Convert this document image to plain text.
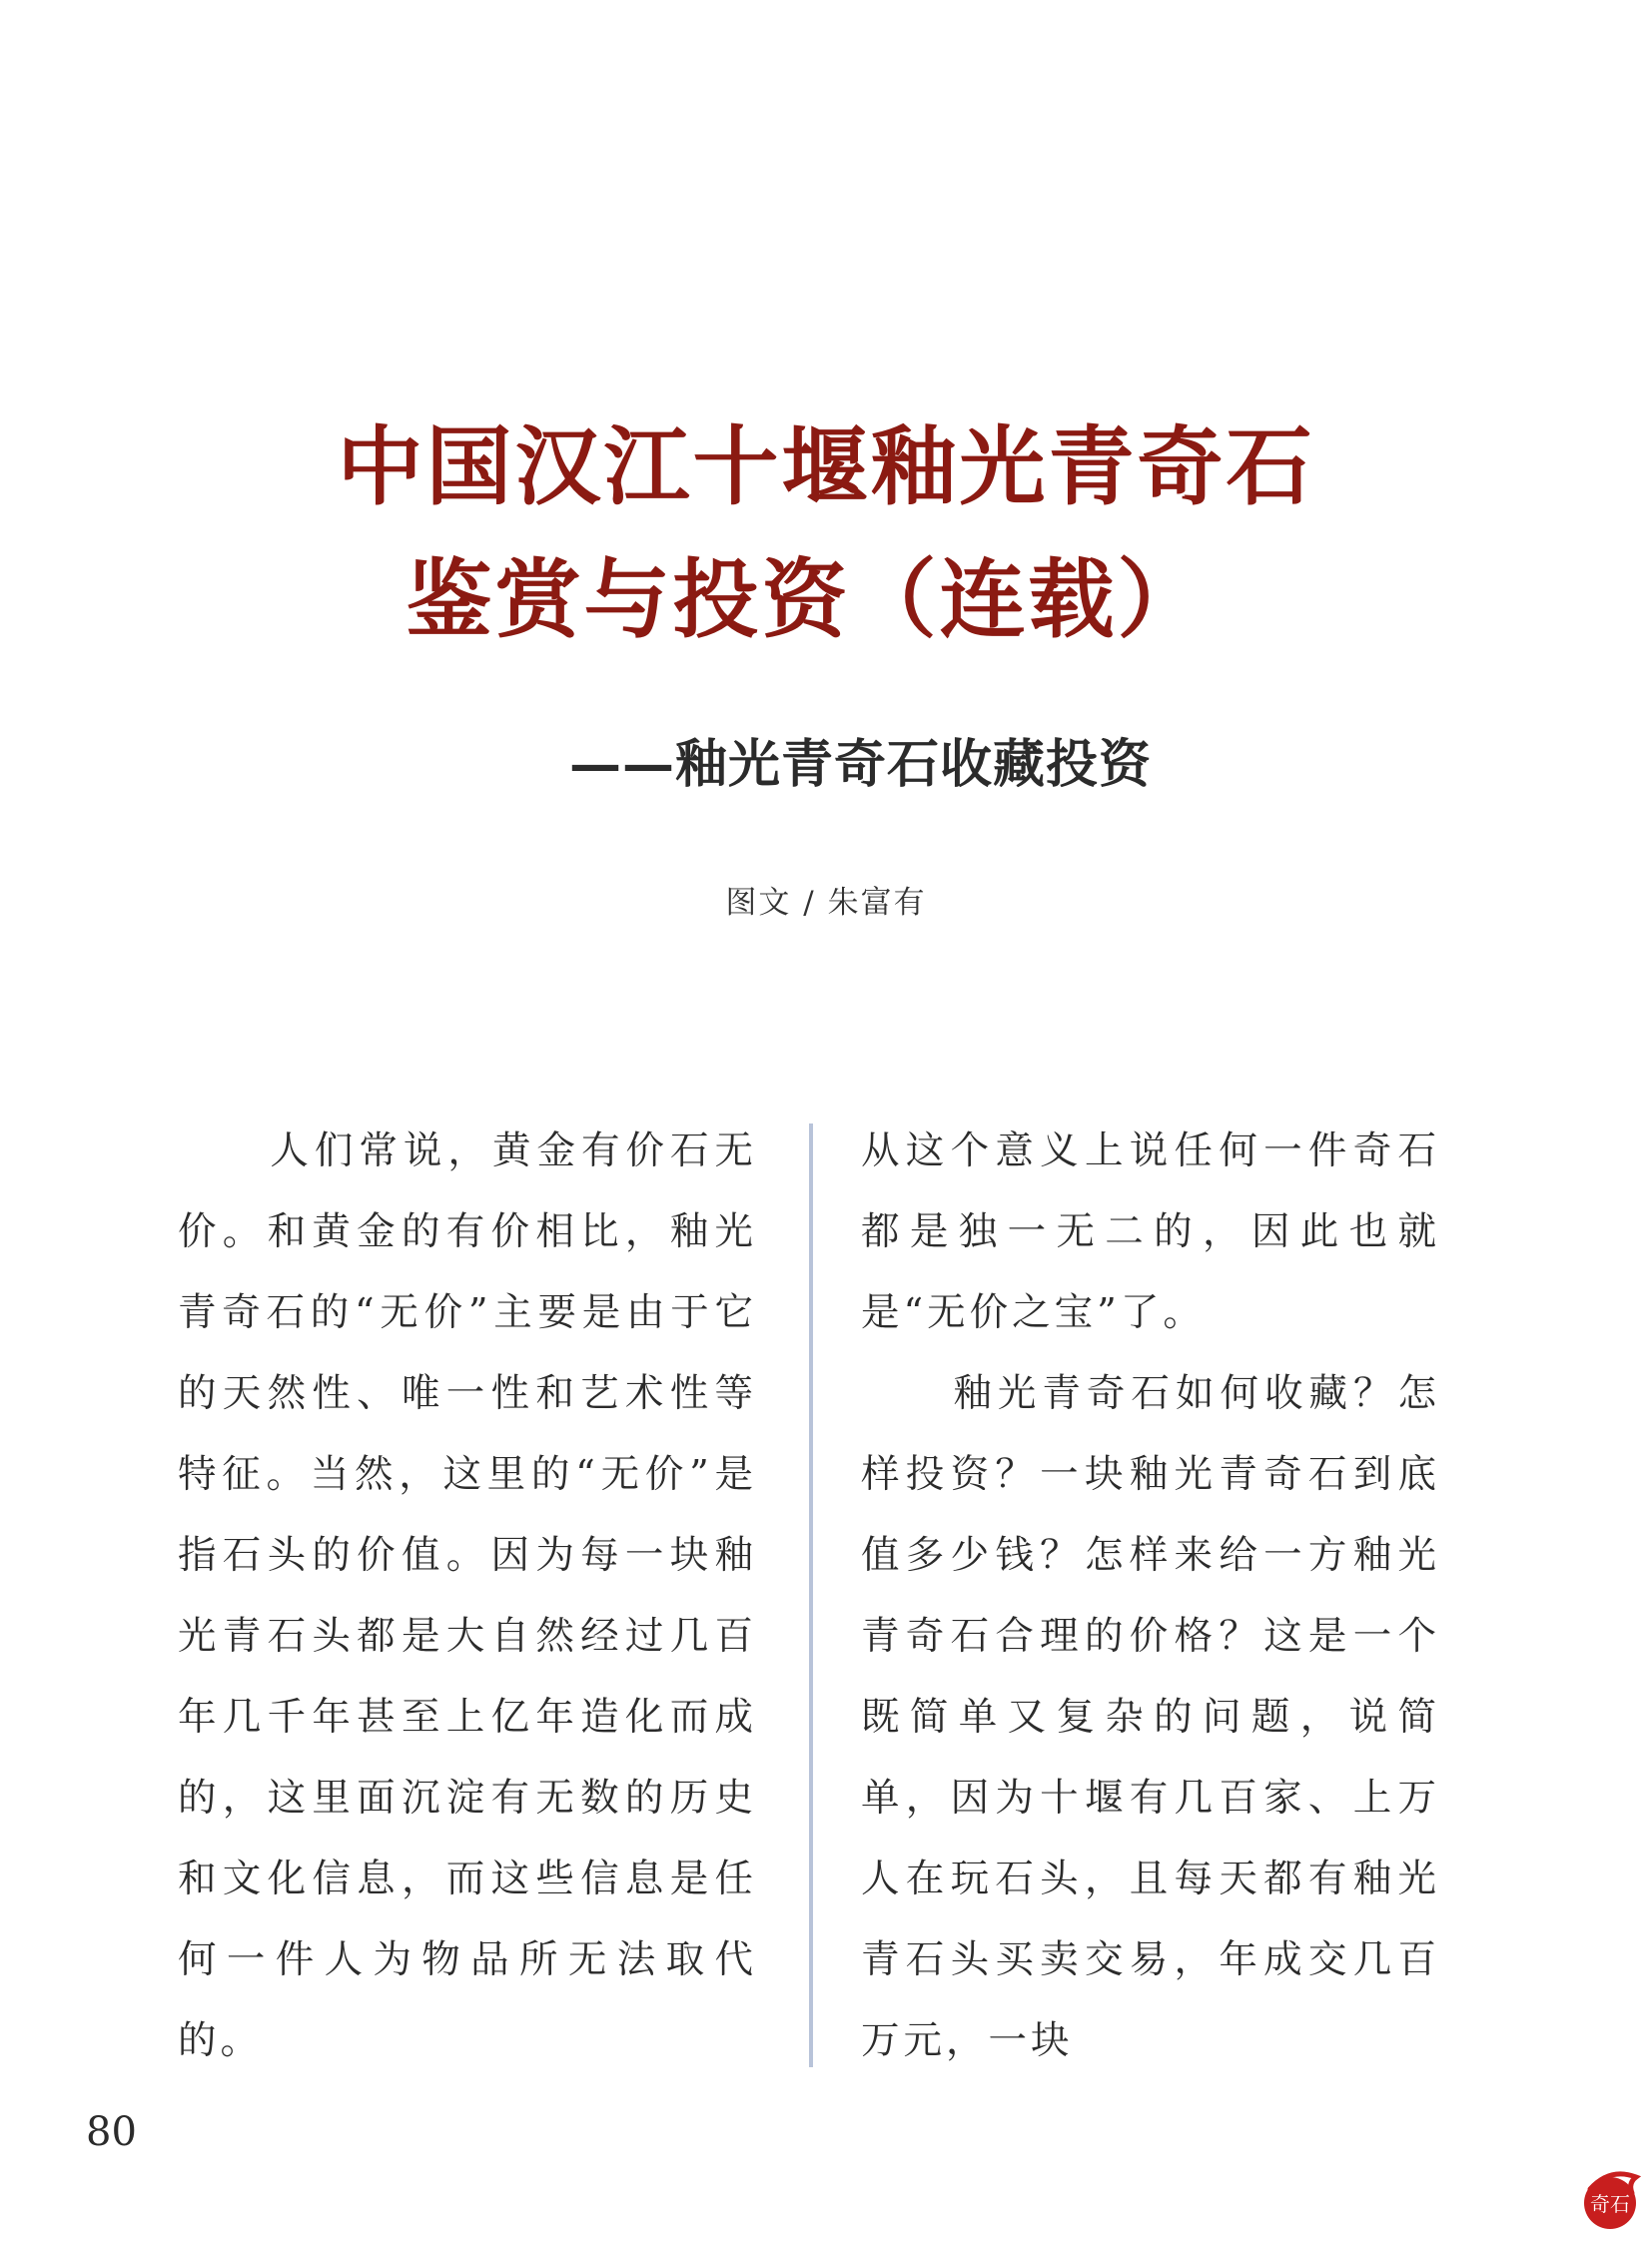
中国汉江十堰釉光青奇石
鉴赏与投资（连载）
——釉光青奇石收藏投资
图文 / 朱富有

人们常说，黄金有价石无价。和黄金的有价相比，釉光青奇石的“无价”主要是由于它的天然性、唯一性和艺术性等特征。当然，这里的“无价”是指石头的价值。因为每一块釉光青石头都是大自然经过几百年几千年甚至上亿年造化而成的，这里面沉淀有无数的历史和文化信息，而这些信息是任何一件人为物品所无法取代的。

从这个意义上说任何一件奇石都是独一无二的，因此也就是“无价之宝”了。

釉光青奇石如何收藏？怎样投资？一块釉光青奇石到底值多少钱？怎样来给一方釉光青奇石合理的价格？这是一个既简单又复杂的问题，说简单，因为十堰有几百家、上万人在玩石头，且每天都有釉光青石头买卖交易，年成交几百万元，一块

80
奇石
